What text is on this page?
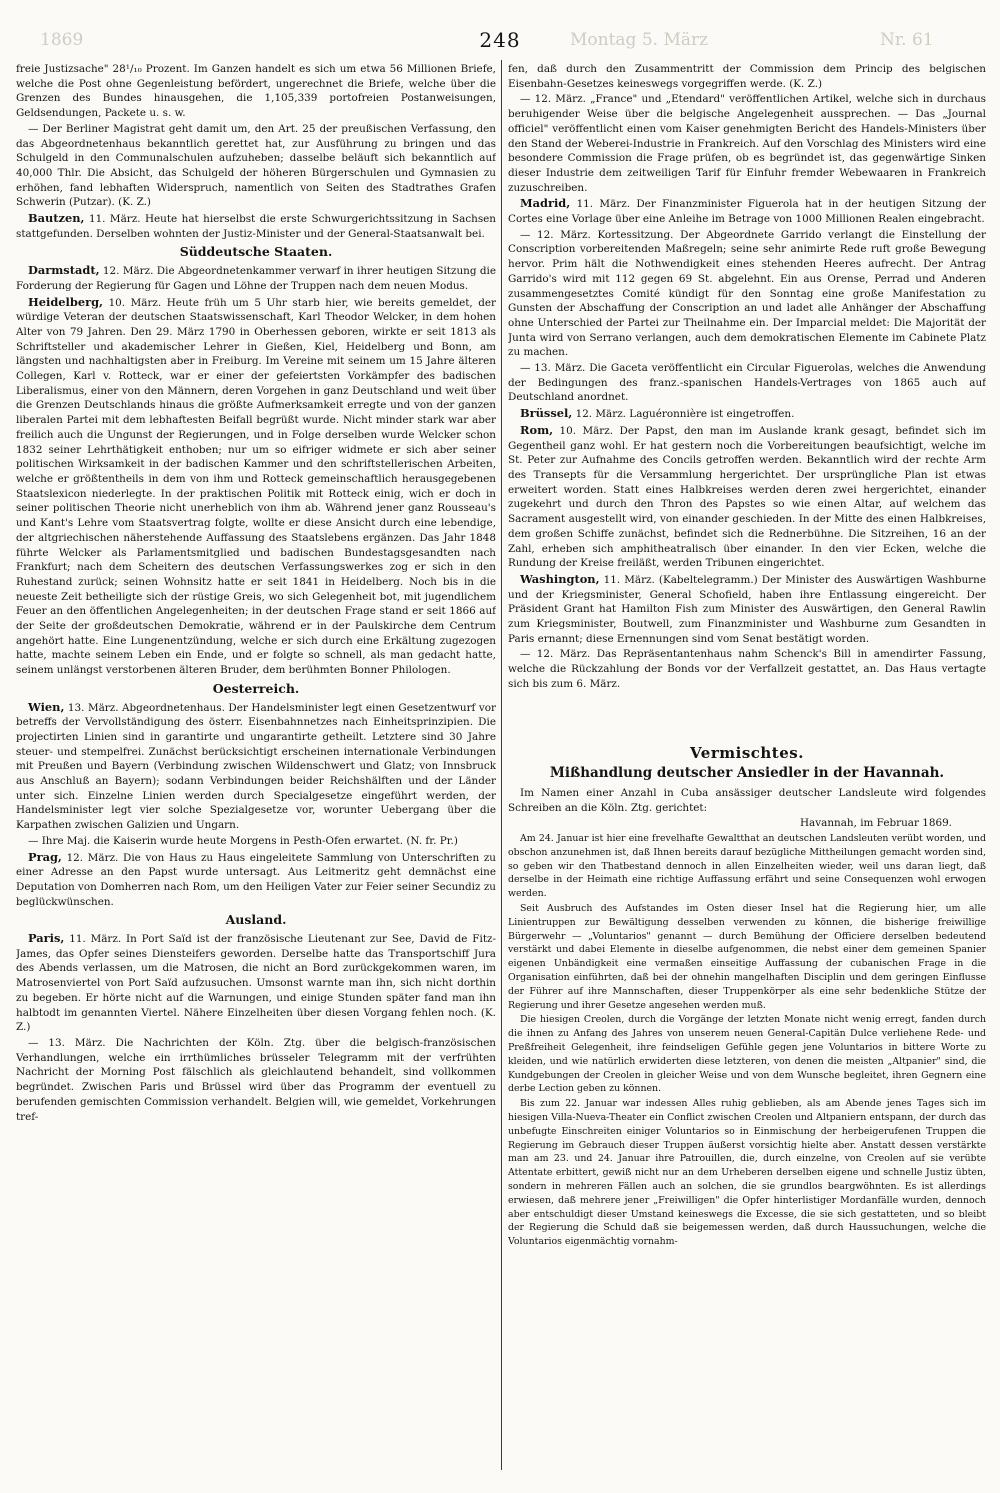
1869	248	Montag 5. März	Nr. 61

freie Justizsache" 28¹/₁₀ Prozent. Im Ganzen handelt es sich um etwa 56 Millionen Briefe, welche die Post ohne Gegenleistung befördert, ungerechnet die Briefe, welche über die Grenzen des Bundes hinausgehen, die 1,105,339 portofreien Postanweisungen, Geldsendungen, Packete u. s. w.

— Der Berliner Magistrat geht damit um, den Art. 25 der preußischen Verfassung, den das Abgeordnetenhaus bekanntlich gerettet hat, zur Ausführung zu bringen und das Schulgeld in den Communalschulen aufzuheben; dasselbe beläuft sich bekanntlich auf 40,000 Thlr. Die Absicht, das Schulgeld der höheren Bürgerschulen und Gymnasien zu erhöhen, fand lebhaften Widerspruch, namentlich von Seiten des Stadtrathes Grafen Schwerin (Putzar). (K. Z.)

Bautzen, 11. März. Heute hat hierselbst die erste Schwurgerichtssitzung in Sachsen stattgefunden. Derselben wohnten der Justiz-Minister und der General-Staatsanwalt bei.

Süddeutsche Staaten.

Darmstadt, 12. März. Die Abgeordnetenkammer verwarf in ihrer heutigen Sitzung die Forderung der Regierung für Gagen und Löhne der Truppen nach dem neuen Modus.

Heidelberg, 10. März. Heute früh um 5 Uhr starb hier, wie bereits gemeldet, der würdige Veteran der deutschen Staatswissenschaft, Karl Theodor Welcker, in dem hohen Alter von 79 Jahren. Den 29. März 1790 in Oberhessen geboren, wirkte er seit 1813 als Schriftsteller und akademischer Lehrer in Gießen, Kiel, Heidelberg und Bonn, am längsten und nachhaltigsten aber in Freiburg. Im Vereine mit seinem um 15 Jahre älteren Collegen, Karl v. Rotteck, war er einer der gefeiertsten Vorkämpfer des badischen Liberalismus, einer von den Männern, deren Vorgehen in ganz Deutschland und weit über die Grenzen Deutschlands hinaus die größte Aufmerksamkeit erregte und von der ganzen liberalen Partei mit dem lebhaftesten Beifall begrüßt wurde. Nicht minder stark war aber freilich auch die Ungunst der Regierungen, und in Folge derselben wurde Welcker schon 1832 seiner Lehrthätigkeit enthoben; nur um so eifriger widmete er sich aber seiner politischen Wirksamkeit in der badischen Kammer und den schriftstellerischen Arbeiten, welche er größtentheils in dem von ihm und Rotteck gemeinschaftlich herausgegebenen Staatslexicon niederlegte. In der praktischen Politik mit Rotteck einig, wich er doch in seiner politischen Theorie nicht unerheblich von ihm ab. Während jener ganz Rousseau's und Kant's Lehre vom Staatsvertrag folgte, wollte er diese Ansicht durch eine lebendige, der altgriechischen näherstehende Auffassung des Staatslebens ergänzen. Das Jahr 1848 führte Welcker als Parlamentsmitglied und badischen Bundestagsgesandten nach Frankfurt; nach dem Scheitern des deutschen Verfassungswerkes zog er sich in den Ruhestand zurück; seinen Wohnsitz hatte er seit 1841 in Heidelberg. Noch bis in die neueste Zeit betheiligte sich der rüstige Greis, wo sich Gelegenheit bot, mit jugendlichem Feuer an den öffentlichen Angelegenheiten; in der deutschen Frage stand er seit 1866 auf der Seite der großdeutschen Demokratie, während er in der Paulskirche dem Centrum angehört hatte. Eine Lungenentzündung, welche er sich durch eine Erkältung zugezogen hatte, machte seinem Leben ein Ende, und er folgte so schnell, als man gedacht hatte, seinem unlängst verstorbenen älteren Bruder, dem berühmten Bonner Philologen.

Oesterreich.

Wien, 13. März. Abgeordnetenhaus. Der Handelsminister legt einen Gesetzentwurf vor betreffs der Vervollständigung des österr. Eisenbahnnetzes nach Einheitsprinzipien. Die projectirten Linien sind in garantirte und ungarantirte getheilt. Letztere sind 30 Jahre steuer- und stempelfrei. Zunächst berücksichtigt erscheinen internationale Verbindungen mit Preußen und Bayern (Verbindung zwischen Wildenschwert und Glatz; von Innsbruck aus Anschluß an Bayern); sodann Verbindungen beider Reichshälften und der Länder unter sich. Einzelne Linien werden durch Specialgesetze eingeführt werden, der Handelsminister legt vier solche Spezialgesetze vor, worunter Uebergang über die Karpathen zwischen Galizien und Ungarn.

— Ihre Maj. die Kaiserin wurde heute Morgens in Pesth-Ofen erwartet. (N. fr. Pr.)

Prag, 12. März. Die von Haus zu Haus eingeleitete Sammlung von Unterschriften zu einer Adresse an den Papst wurde untersagt. Aus Leitmeritz geht demnächst eine Deputation von Domherren nach Rom, um den Heiligen Vater zur Feier seiner Secundiz zu beglückwünschen.

Ausland.

Paris, 11. März. In Port Saïd ist der französische Lieutenant zur See, David de Fitz-James, das Opfer seines Diensteifers geworden. Derselbe hatte das Transportschiff Jura des Abends verlassen, um die Matrosen, die nicht an Bord zurückgekommen waren, im Matrosenviertel von Port Saïd aufzusuchen. Umsonst warnte man ihn, sich nicht dorthin zu begeben. Er hörte nicht auf die Warnungen, und einige Stunden später fand man ihn halbtodt im genannten Viertel. Nähere Einzelheiten über diesen Vorgang fehlen noch. (K. Z.)

— 13. März. Die Nachrichten der Köln. Ztg. über die belgisch-französischen Verhandlungen, welche ein irrthümliches brüsseler Telegramm mit der verfrühten Nachricht der Morning Post fälschlich als gleichlautend behandelt, sind vollkommen begründet. Zwischen Paris und Brüssel wird über das Programm der eventuell zu berufenden gemischten Commission verhandelt. Belgien will, wie gemeldet, Vorkehrungen tref-

fen, daß durch den Zusammentritt der Commission dem Princip des belgischen Eisenbahn-Gesetzes keineswegs vorgegriffen werde. (K. Z.)

— 12. März. „France" und „Etendard" veröffentlichen Artikel, welche sich in durchaus beruhigender Weise über die belgische Angelegenheit aussprechen. — Das „Journal officiel" veröffentlicht einen vom Kaiser genehmigten Bericht des Handels-Ministers über den Stand der Weberei-Industrie in Frankreich. Auf den Vorschlag des Ministers wird eine besondere Commission die Frage prüfen, ob es begründet ist, das gegenwärtige Sinken dieser Industrie dem zeitweiligen Tarif für Einfuhr fremder Webewaaren in Frankreich zuzuschreiben.

Madrid, 11. März. Der Finanzminister Figuerola hat in der heutigen Sitzung der Cortes eine Vorlage über eine Anleihe im Betrage von 1000 Millionen Realen eingebracht.

— 12. März. Kortessitzung. Der Abgeordnete Garrido verlangt die Einstellung der Conscription vorbereitenden Maßregeln; seine sehr animirte Rede ruft große Bewegung hervor. Prim hält die Nothwendigkeit eines stehenden Heeres aufrecht. Der Antrag Garrido's wird mit 112 gegen 69 St. abgelehnt. Ein aus Orense, Perrad und Anderen zusammengesetztes Comité kündigt für den Sonntag eine große Manifestation zu Gunsten der Abschaffung der Conscription an und ladet alle Anhänger der Abschaffung ohne Unterschied der Partei zur Theilnahme ein. Der Imparcial meldet: Die Majorität der Junta wird von Serrano verlangen, auch dem demokratischen Elemente im Cabinete Platz zu machen.

— 13. März. Die Gaceta veröffentlicht ein Circular Figuerolas, welches die Anwendung der Bedingungen des franz.-spanischen Handels-Vertrages von 1865 auch auf Deutschland anordnet.

Brüssel, 12. März. Laguéronnière ist eingetroffen.

Rom, 10. März. Der Papst, den man im Auslande krank gesagt, befindet sich im Gegentheil ganz wohl. Er hat gestern noch die Vorbereitungen beaufsichtigt, welche im St. Peter zur Aufnahme des Concils getroffen werden. Bekanntlich wird der rechte Arm des Transepts für die Versammlung hergerichtet. Der ursprüngliche Plan ist etwas erweitert worden. Statt eines Halbkreises werden deren zwei hergerichtet, einander zugekehrt und durch den Thron des Papstes so wie einen Altar, auf welchem das Sacrament ausgestellt wird, von einander geschieden. In der Mitte des einen Halbkreises, dem großen Schiffe zunächst, befindet sich die Rednerbühne. Die Sitzreihen, 16 an der Zahl, erheben sich amphitheatralisch über einander. In den vier Ecken, welche die Rundung der Kreise freiläßt, werden Tribunen eingerichtet.

Washington, 11. März. (Kabeltelegramm.) Der Minister des Auswärtigen Washburne und der Kriegsminister, General Schofield, haben ihre Entlassung eingereicht. Der Präsident Grant hat Hamilton Fish zum Minister des Auswärtigen, den General Rawlin zum Kriegsminister, Boutwell, zum Finanzminister und Washburne zum Gesandten in Paris ernannt; diese Ernennungen sind vom Senat bestätigt worden.

— 12. März. Das Repräsentantenhaus nahm Schenck's Bill in amendirter Fassung, welche die Rückzahlung der Bonds vor der Verfallzeit gestattet, an. Das Haus vertagte sich bis zum 6. März.

Vermischtes.
Mißhandlung deutscher Ansiedler in der Havannah.

Im Namen einer Anzahl in Cuba ansässiger deutscher Landsleute wird folgendes Schreiben an die Köln. Ztg. gerichtet:

Havannah, im Februar 1869.

Am 24. Januar ist hier eine frevelhafte Gewaltthat an deutschen Landsleuten verübt worden, und obschon anzunehmen ist, daß Ihnen bereits darauf bezügliche Mittheilungen gemacht worden sind, so geben wir den Thatbestand dennoch in allen Einzelheiten wieder, weil uns daran liegt, daß derselbe in der Heimath eine richtige Auffassung erfährt und seine Consequenzen wohl erwogen werden.

Seit Ausbruch des Aufstandes im Osten dieser Insel hat die Regierung hier, um alle Linientruppen zur Bewältigung desselben verwenden zu können, die bisherige freiwillige Bürgerwehr — „Voluntarios" genannt — durch Bemühung der Officiere derselben bedeutend verstärkt und dabei Elemente in dieselbe aufgenommen, die nebst einer dem gemeinen Spanier eigenen Unbändigkeit eine vermaßen einseitige Auffassung der cubanischen Frage in die Organisation einführten, daß bei der ohnehin mangelhaften Disciplin und dem geringen Einflusse der Führer auf ihre Mannschaften, dieser Truppenkörper als eine sehr bedenkliche Stütze der Regierung und ihrer Gesetze angesehen werden muß.

Die hiesigen Creolen, durch die Vorgänge der letzten Monate nicht wenig erregt, fanden durch die ihnen zu Anfang des Jahres von unserem neuen General-Capitän Dulce verliehene Rede- und Preßfreiheit Gelegenheit, ihre feindseligen Gefühle gegen jene Voluntarios in bittere Worte zu kleiden, und wie natürlich erwiderten diese letzteren, von denen die meisten „Altpanier" sind, die Kundgebungen der Creolen in gleicher Weise und von dem Wunsche begleitet, ihren Gegnern eine derbe Lection geben zu können.

Bis zum 22. Januar war indessen Alles ruhig geblieben, als am Abende jenes Tages sich im hiesigen Villa-Nueva-Theater ein Conflict zwischen Creolen und Altpaniern entspann, der durch das unbefugte Einschreiten einiger Voluntarios so in Einmischung der herbeigerufenen Truppen die Regierung im Gebrauch dieser Truppen äußerst vorsichtig hielte aber. Anstatt dessen verstärkte man am 23. und 24. Januar ihre Patrouillen, die, durch einzelne, von Creolen auf sie verübte Attentate erbittert, gewiß nicht nur an dem Urheberen derselben eigene und schnelle Justiz übten, sondern in mehreren Fällen auch an solchen, die sie grundlos beargwöhnten. Es ist allerdings erwiesen, daß mehrere jener „Freiwilligen" die Opfer hinterlistiger Mordanfälle wurden, dennoch aber entschuldigt dieser Umstand keineswegs die Excesse, die sie sich gestatteten, und so bleibt der Regierung die Schuld daß sie beigemessen werden, daß durch Haussuchungen, welche die Voluntarios eigenmächtig vornahm-
